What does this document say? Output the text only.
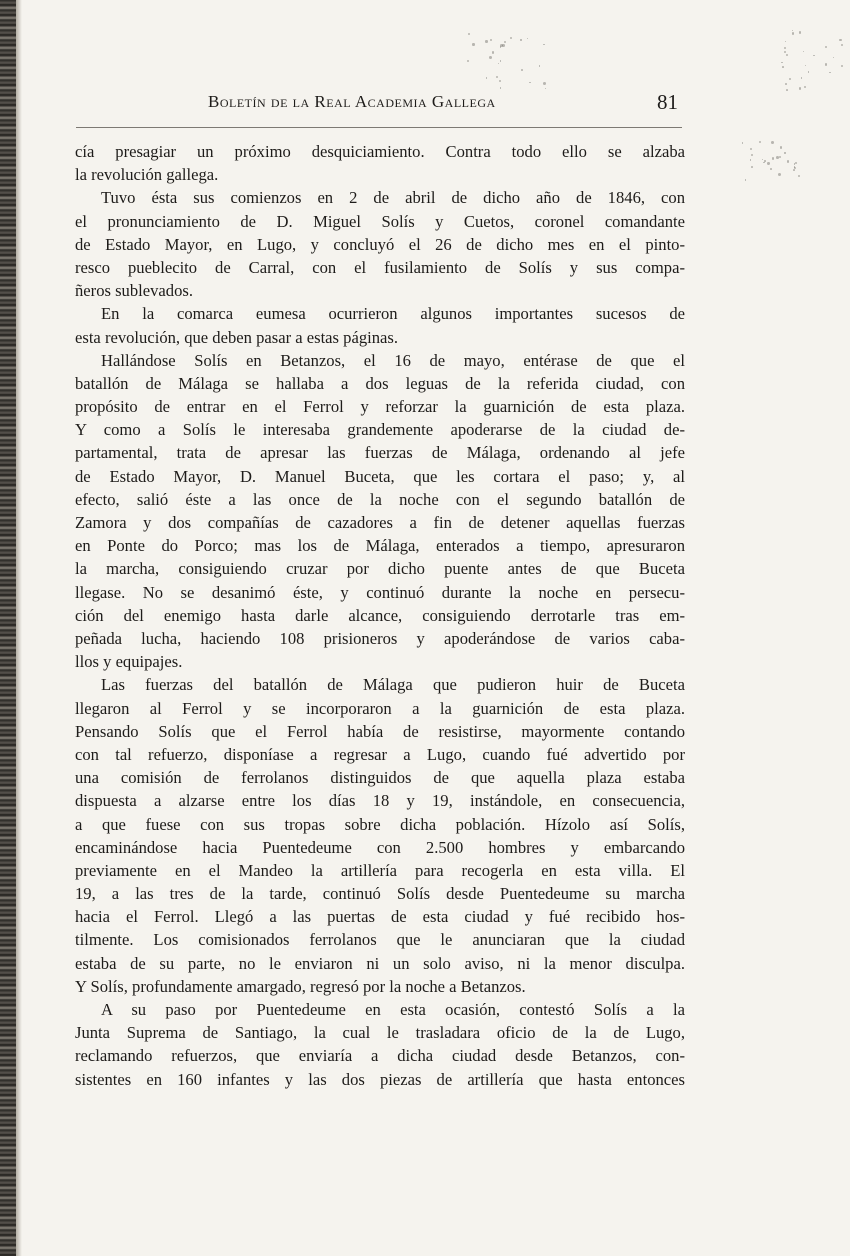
Boletín de la Real Academia Gallega	81
cía presagiar un próximo desquiciamiento. Contra todo ello se alzaba
la revolución gallega.
Tuvo ésta sus comienzos en 2 de abril de dicho año de 1846, con
el pronunciamiento de D. Miguel Solís y Cuetos, coronel comandante
de Estado Mayor, en Lugo, y concluyó el 26 de dicho mes en el pinto-
resco pueblecito de Carral, con el fusilamiento de Solís y sus compa-
ñeros sublevados.
En la comarca eumesa ocurrieron algunos importantes sucesos de
esta revolución, que deben pasar a estas páginas.
Hallándose Solís en Betanzos, el 16 de mayo, entérase de que el
batallón de Málaga se hallaba a dos leguas de la referida ciudad, con
propósito de entrar en el Ferrol y reforzar la guarnición de esta plaza.
Y como a Solís le interesaba grandemente apoderarse de la ciudad de-
partamental, trata de apresar las fuerzas de Málaga, ordenando al jefe
de Estado Mayor, D. Manuel Buceta, que les cortara el paso; y, al
efecto, salió éste a las once de la noche con el segundo batallón de
Zamora y dos compañías de cazadores a fin de detener aquellas fuerzas
en Ponte do Porco; mas los de Málaga, enterados a tiempo, apresuraron
la marcha, consiguiendo cruzar por dicho puente antes de que Buceta
llegase. No se desanimó éste, y continuó durante la noche en persecu-
ción del enemigo hasta darle alcance, consiguiendo derrotarle tras em-
peñada lucha, haciendo 108 prisioneros y apoderándose de varios caba-
llos y equipajes.
Las fuerzas del batallón de Málaga que pudieron huir de Buceta
llegaron al Ferrol y se incorporaron a la guarnición de esta plaza.
Pensando Solís que el Ferrol había de resistirse, mayormente contando
con tal refuerzo, disponíase a regresar a Lugo, cuando fué advertido por
una comisión de ferrolanos distinguidos de que aquella plaza estaba
dispuesta a alzarse entre los días 18 y 19, instándole, en consecuencia,
a que fuese con sus tropas sobre dicha población. Hízolo así Solís,
encaminándose hacia Puentedeume con 2.500 hombres y embarcando
previamente en el Mandeo la artillería para recogerla en esta villa. El
19, a las tres de la tarde, continuó Solís desde Puentedeume su marcha
hacia el Ferrol. Llegó a las puertas de esta ciudad y fué recibido hos-
tilmente. Los comisionados ferrolanos que le anunciaran que la ciudad
estaba de su parte, no le enviaron ni un solo aviso, ni la menor disculpa.
Y Solís, profundamente amargado, regresó por la noche a Betanzos.
A su paso por Puentedeume en esta ocasión, contestó Solís a la
Junta Suprema de Santiago, la cual le trasladara oficio de la de Lugo,
reclamando refuerzos, que enviaría a dicha ciudad desde Betanzos, con-
sistentes en 160 infantes y las dos piezas de artillería que hasta entonces
